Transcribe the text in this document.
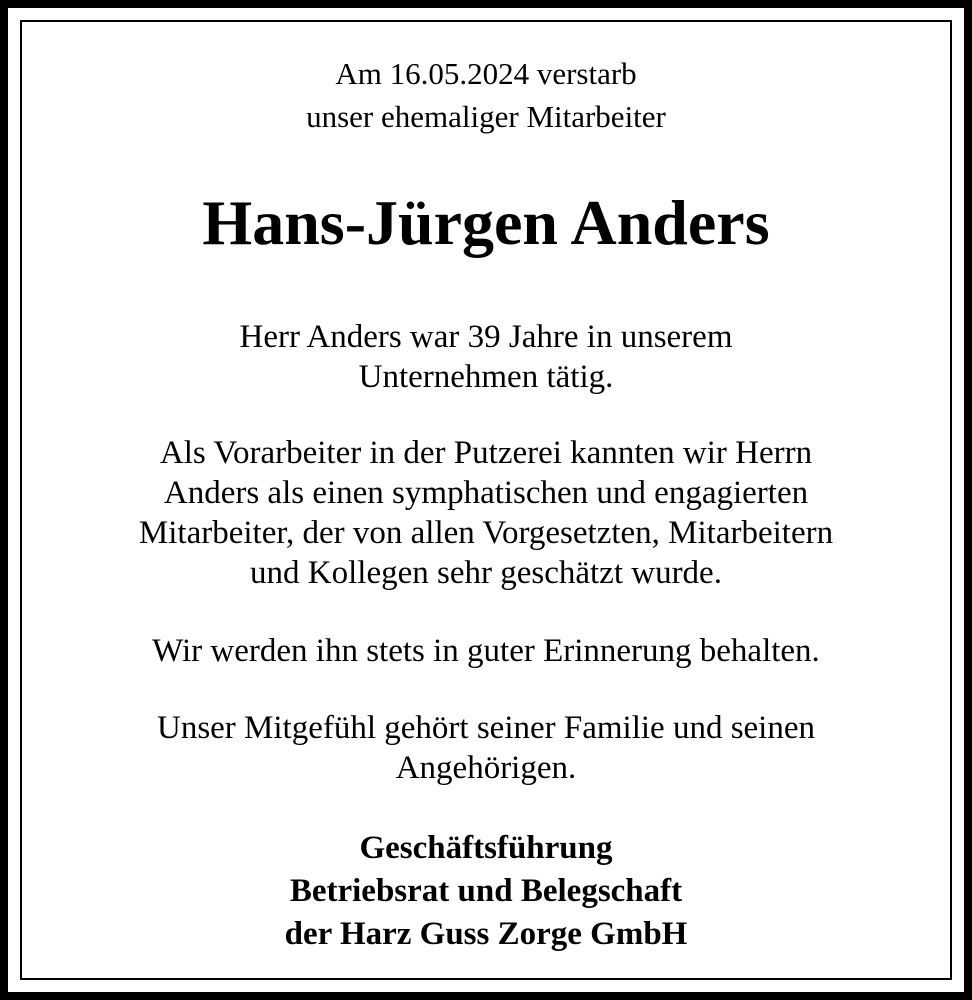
Am 16.05.2024 verstarb
unser ehemaliger Mitarbeiter
Hans-Jürgen Anders
Herr Anders war 39 Jahre in unserem
Unternehmen tätig.
Als Vorarbeiter in der Putzerei kannten wir Herrn
Anders als einen symphatischen und engagierten
Mitarbeiter, der von allen Vorgesetzten, Mitarbeitern
und Kollegen sehr geschätzt wurde.
Wir werden ihn stets in guter Erinnerung behalten.
Unser Mitgefühl gehört seiner Familie und seinen
Angehörigen.
Geschäftsführung
Betriebsrat und Belegschaft
der Harz Guss Zorge GmbH
